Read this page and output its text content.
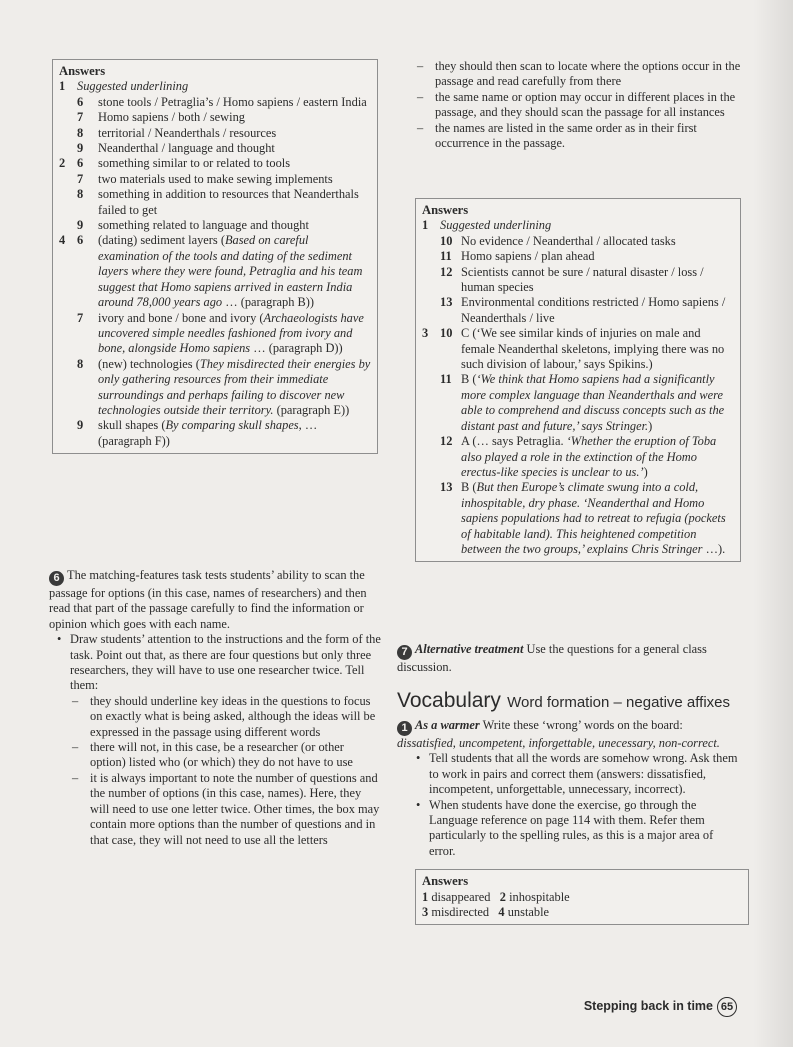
Answers
1 Suggested underlining
6	stone tools / Petraglia’s / Homo sapiens / eastern India
7	Homo sapiens / both / sewing
8	territorial / Neanderthals / resources
9	Neanderthal / language and thought
2 6	something similar to or related to tools
7	two materials used to make sewing implements
8	something in addition to resources that Neanderthals failed to get
9	something related to language and thought
4 6	(dating) sediment layers (Based on careful examination of the tools and dating of the sediment layers where they were found, Petraglia and his team suggest that Homo sapiens arrived in eastern India around 78,000 years ago … (paragraph B))
7	ivory and bone / bone and ivory (Archaeologists have uncovered simple needles fashioned from ivory and bone, alongside Homo sapiens … (paragraph D))
8	(new) technologies (They misdirected their energies by only gathering resources from their immediate surroundings and perhaps failing to discover new technologies outside their territory. (paragraph E))
9	skull shapes (By comparing skull shapes, … (paragraph F))
6 The matching-features task tests students’ ability to scan the passage for options (in this case, names of researchers) and then read that part of the passage carefully to find the information or opinion which goes with each name.
• Draw students’ attention to the instructions and the form of the task. Point out that, as there are four questions but only three researchers, they will have to use one researcher twice. Tell them:
– they should underline key ideas in the questions to focus on exactly what is being asked, although the ideas will be expressed in the passage using different words
– there will not, in this case, be a researcher (or other option) listed who (or which) they do not have to use
– it is always important to note the number of questions and the number of options (in this case, names). Here, they will need to use one letter twice. Other times, the box may contain more options than the number of questions and in that case, they will not need to use all the letters
– they should then scan to locate where the options occur in the passage and read carefully from there
– the same name or option may occur in different places in the passage, and they should scan the passage for all instances
– the names are listed in the same order as in their first occurrence in the passage.
Answers
1 Suggested underlining
10 No evidence / Neanderthal / allocated tasks
11 Homo sapiens / plan ahead
12 Scientists cannot be sure / natural disaster / loss / human species
13 Environmental conditions restricted / Homo sapiens / Neanderthals / live
3 10 C (‘We see similar kinds of injuries on male and female Neanderthal skeletons, implying there was no such division of labour,’ says Spikins.)
11 B (‘We think that Homo sapiens had a significantly more complex language than Neanderthals and were able to comprehend and discuss concepts such as the distant past and future,’ says Stringer.)
12 A (… says Petraglia. ‘Whether the eruption of Toba also played a role in the extinction of the Homo erectus-like species is unclear to us.’)
13 B (But then Europe’s climate swung into a cold, inhospitable, dry phase. ‘Neanderthal and Homo sapiens populations had to retreat to refugia (pockets of habitable land). This heightened competition between the two groups,’ explains Chris Stringer …).
7 Alternative treatment Use the questions for a general class discussion.
Vocabulary Word formation – negative affixes
1 As a warmer Write these ‘wrong’ words on the board: dissatisfied, uncompetent, inforgettable, unecessary, non-correct.
• Tell students that all the words are somehow wrong. Ask them to work in pairs and correct them (answers: dissatisfied, incompetent, unforgettable, unnecessary, incorrect).
• When students have done the exercise, go through the Language reference on page 114 with them. Refer them particularly to the spelling rules, as this is a major area of error.
Answers
1 disappeared 2 inhospitable
3 misdirected 4 unstable
Stepping back in time 65
